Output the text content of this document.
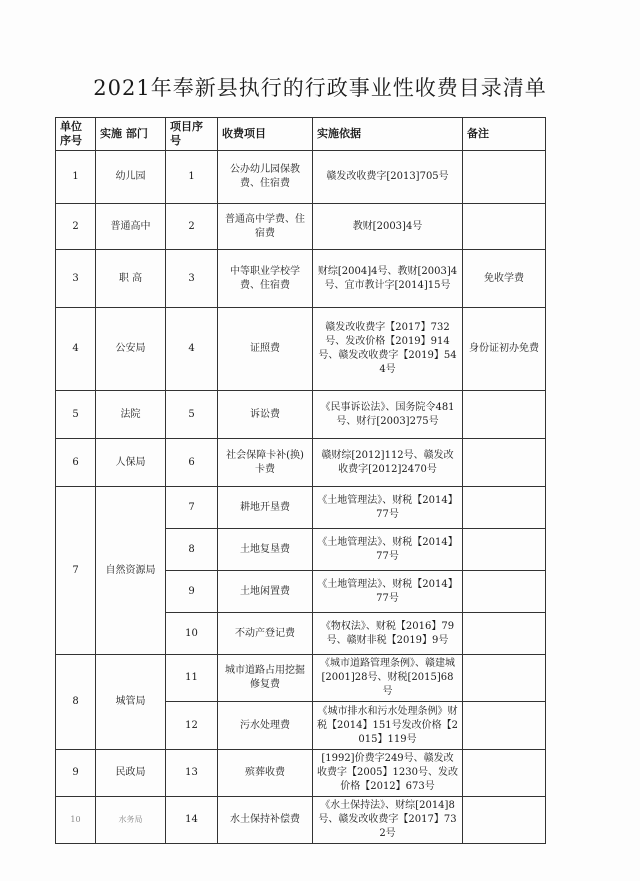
2021年奉新县执行的行政事业性收费目录清单
单位序号	实施 部门	项目序号	收费项目	实施依据	备注
1	幼儿园	1	公办幼儿园保教费、住宿费	赣发改收费字[2013]705号	
2	普通高中	2	普通高中学费、住宿费	教财[2003]4号	
3	职 高	3	中等职业学校学费、住宿费	财综[2004]4号、教财[2003]4号、宜市教计字[2014]15号	免收学费
4	公安局	4	证照费	赣发改收费字【2017】732号、发改价格【2019】914号、赣发改收费字【2019】544号	身份证初办免费
5	法院	5	诉讼费	《民事诉讼法》、国务院令481号、财行[2003]275号	
6	人保局	6	社会保障卡补(换)卡费	赣财综[2012]112号、赣发改收费字[2012]2470号	
7	自然资源局	7	耕地开垦费	《土地管理法》、财税【2014】77号	
		8	土地复垦费	《土地管理法》、财税【2014】77号	
		9	土地闲置费	《土地管理法》、财税【2014】77号	
		10	不动产登记费	《物权法》、财税【2016】79号、赣财非税【2019】9号	
8	城管局	11	城市道路占用挖掘修复费	《城市道路管理条例》、赣建城[2001]28号、财税[2015]68号	
		12	污水处理费	《城市排水和污水处理条例》财税【2014】151号发改价格【2015】119号	
9	民政局	13	殡葬收费	[1992]价费字249号、赣发改收费字【2005】1230号、发改价格【2012】673号	
10	水务局	14	水土保持补偿费	《水土保持法》、财综[2014]8号、赣发改收费字【2017】732号	
